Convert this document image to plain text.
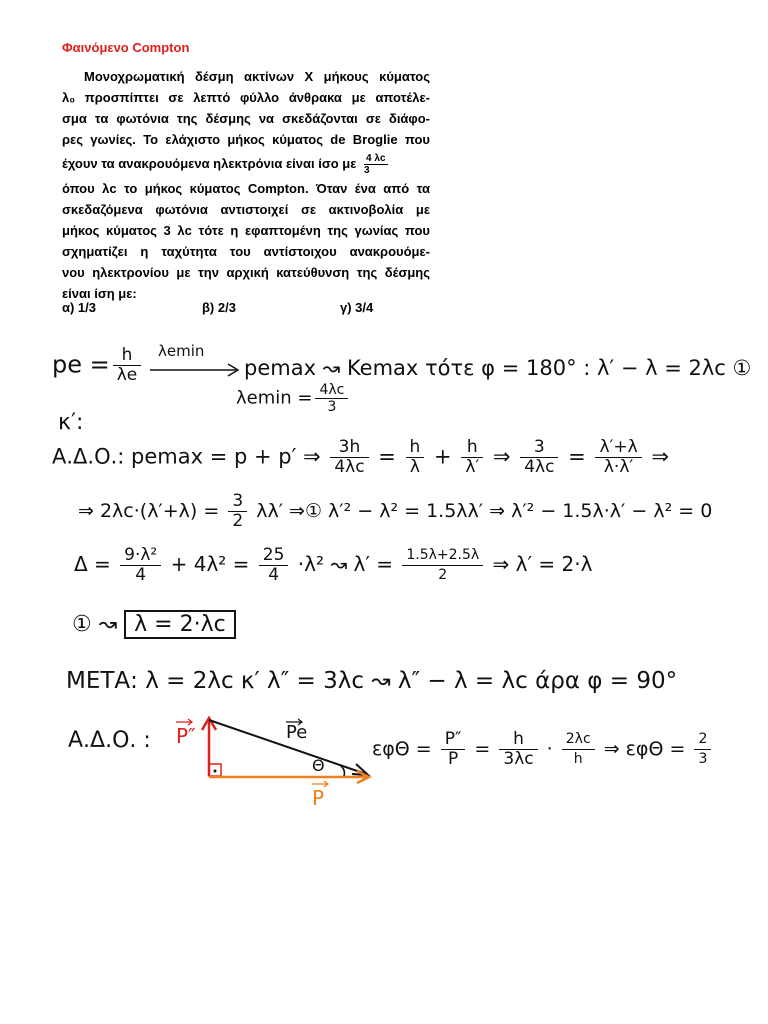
Φαινόμενο Compton
Μονοχρωματική δέσμη ακτίνων X μήκους κύματος
λ₀ προσπίπτει σε λεπτό φύλλο άνθρακα με αποτέλε-
σμα τα φωτόνια της δέσμης να σκεδάζονται σε διάφο-
ρες γωνίες. Το ελάχιστο μήκος κύματος de Broglie που
έχουν τα ανακρουόμενα ηλεκτρόνια είναι ίσο με $\frac{4 \lambda c}{3}$
όπου λc το μήκος κύματος Compton. Όταν ένα από τα
σκεδαζόμενα φωτόνια αντιστοιχεί σε ακτινοβολία με
μήκος κύματος 3 λc τότε η εφαπτομένη της γωνίας που
σχηματίζει η ταχύτητα του αντίστοιχου ανακρουόμε-
νου ηλεκτρονίου με την αρχική κατεύθυνση της δέσμης
είναι ίση με:
α) 1/3	β) 2/3	γ) 3/4
pe = $\frac{h}{\lambda e}$ λemin
pemax ↝ Kemax τότε φ = 180° : λ′ − λ = 2λc ①
$\lambda emin = \frac{4\lambda c}{3}$
κ′:
Α.Δ.Ο.: pemax = p + p′ ⇒ $\frac{3h}{4\lambda c} = \frac{h}{\lambda} + \frac{h}{\lambda'}$ ⇒ $\frac{3}{4\lambda c} = \frac{\lambda'+\lambda}{\lambda\cdot\lambda'}$ ⇒
⇒ $2\lambda c\cdot(\lambda'+\lambda) = \frac{3}{2} \lambda\lambda'$ ⇒① λ′² − λ² = 1.5λλ′ ⇒ λ′² − 1.5λ·λ′ − λ² = 0
$\Delta = \frac{\text{9·λ²}}{4} + 4\lambda^2 = \frac{25}{4} \cdot\lambda^2$ ↝ $\lambda' = \frac{1.5\lambda+2.5\lambda}{2}$ ⇒ λ′ = 2·λ
① ↝ λ = 2·λc
ΜΕΤΑ: λ = 2λc κ′ λ″ = 3λc ↝ λ″ − λ = λc άρα φ = 90°
Α.Δ.Ο. : P″	Pe
Θ
P
$\varepsilon\varphi\Theta = \frac{P''}{P} = \frac{h}{3\lambda c} \cdot \frac{2\lambda c}{h}$ ⇒ $\varepsilon\varphi\Theta = \frac{2}{3}$
